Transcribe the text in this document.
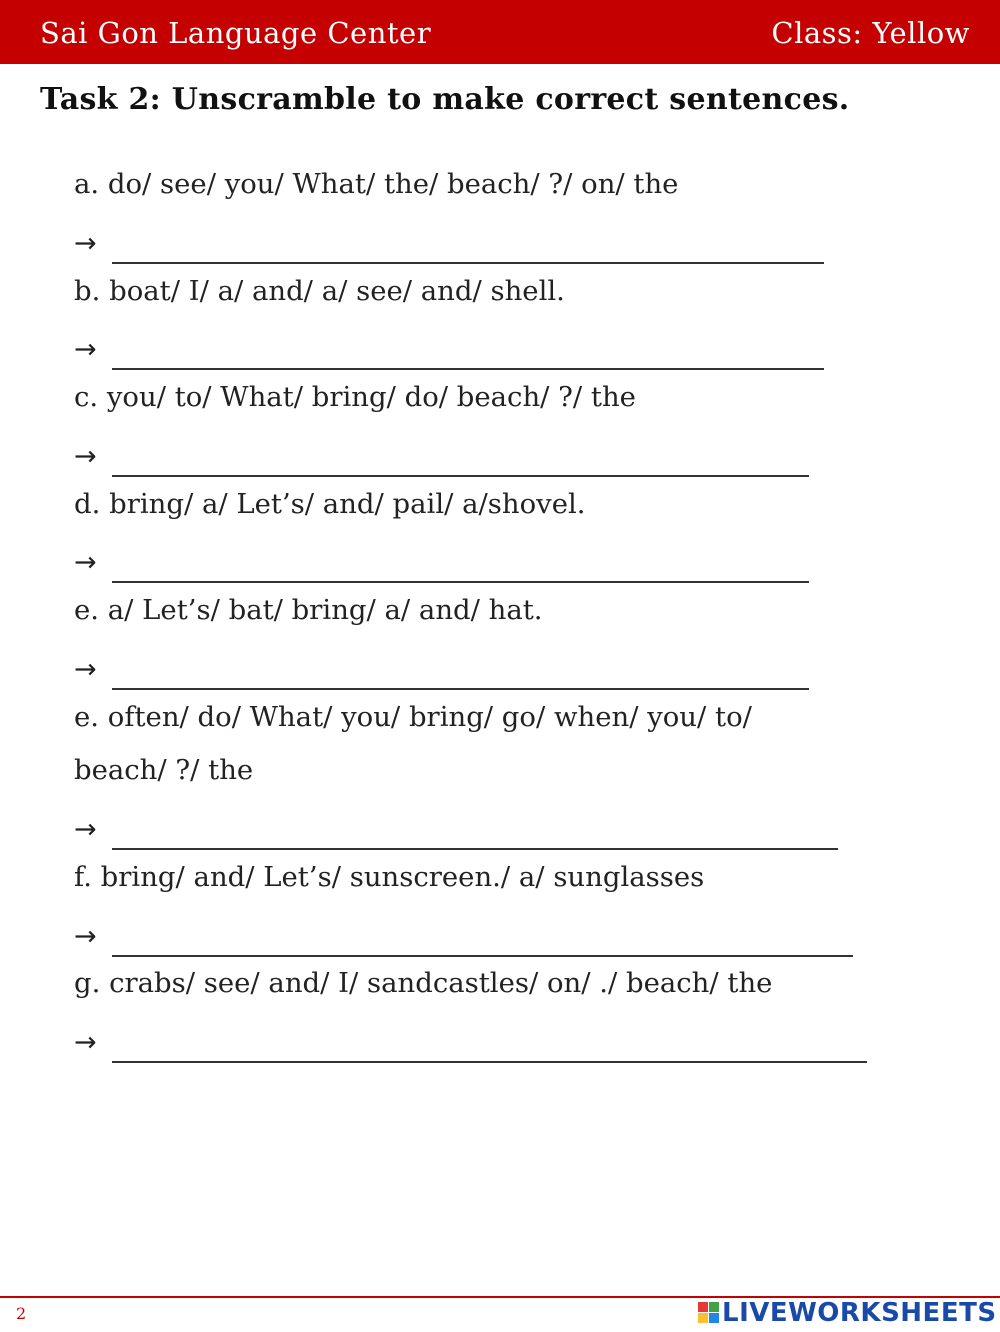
Sai Gon Language Center	Class: Yellow
Task 2: Unscramble to make correct sentences.
a. do/ see/ you/ What/ the/ beach/ ?/ on/ the
→
b. boat/ I/ a/ and/ a/ see/ and/ shell.
→
c. you/ to/ What/ bring/ do/ beach/ ?/ the
→
d. bring/ a/ Let’s/ and/ pail/ a/shovel.
→
e. a/ Let’s/ bat/ bring/ a/ and/ hat.
→
e. often/ do/ What/ you/ bring/ go/ when/ you/ to/
beach/ ?/ the
→
f. bring/ and/ Let’s/ sunscreen./ a/ sunglasses
→
g. crabs/ see/ and/ I/ sandcastles/ on/ ./ beach/ the
→
2	LIVEWORKSHEETS
